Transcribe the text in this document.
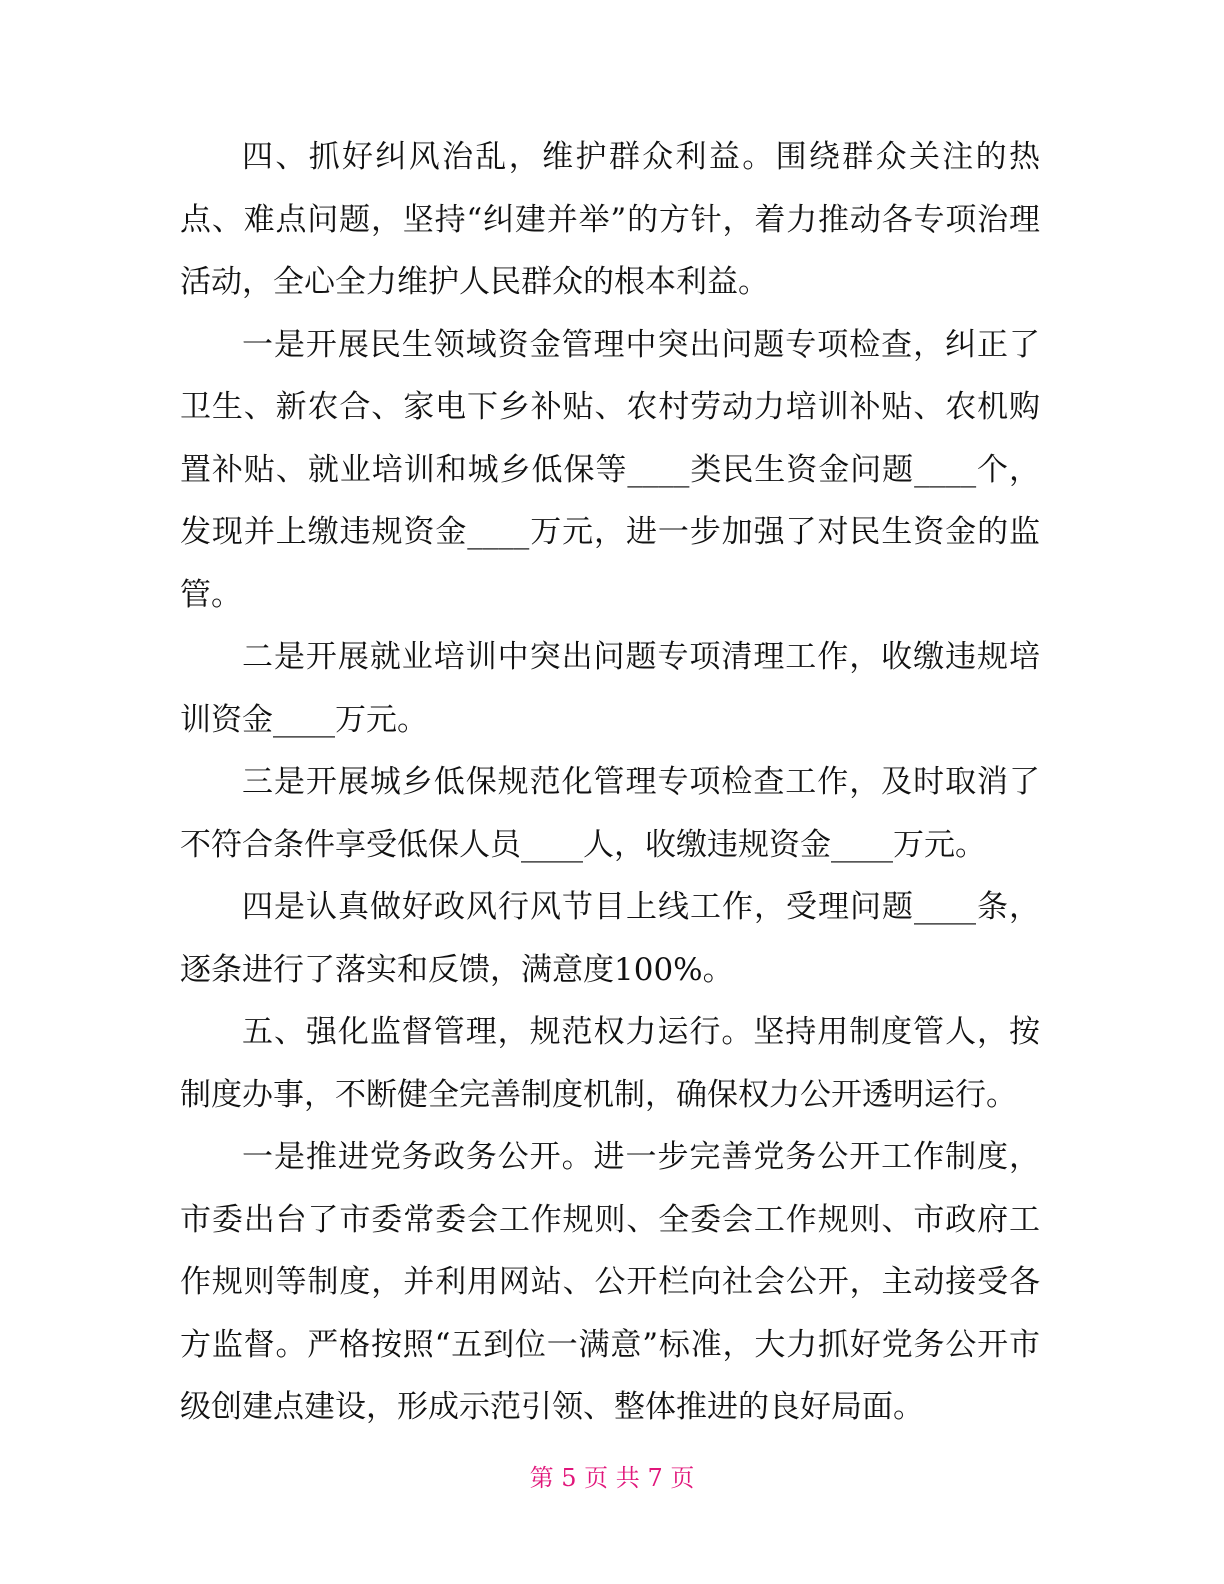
四、抓好纠风治乱，维护群众利益。围绕群众关注的热点、难点问题，坚持“纠建并举”的方针，着力推动各专项治理活动，全心全力维护人民群众的根本利益。

一是开展民生领域资金管理中突出问题专项检查，纠正了卫生、新农合、家电下乡补贴、农村劳动力培训补贴、农机购置补贴、就业培训和城乡低保等____类民生资金问题____个，发现并上缴违规资金____万元，进一步加强了对民生资金的监管。

二是开展就业培训中突出问题专项清理工作，收缴违规培训资金____万元。

三是开展城乡低保规范化管理专项检查工作，及时取消了不符合条件享受低保人员____人，收缴违规资金____万元。

四是认真做好政风行风节目上线工作，受理问题____条，逐条进行了落实和反馈，满意度100%。

五、强化监督管理，规范权力运行。坚持用制度管人，按制度办事，不断健全完善制度机制，确保权力公开透明运行。

一是推进党务政务公开。进一步完善党务公开工作制度，市委出台了市委常委会工作规则、全委会工作规则、市政府工作规则等制度，并利用网站、公开栏向社会公开，主动接受各方监督。严格按照“五到位一满意”标准，大力抓好党务公开市级创建点建设，形成示范引领、整体推进的良好局面。

第 5 页 共 7 页
